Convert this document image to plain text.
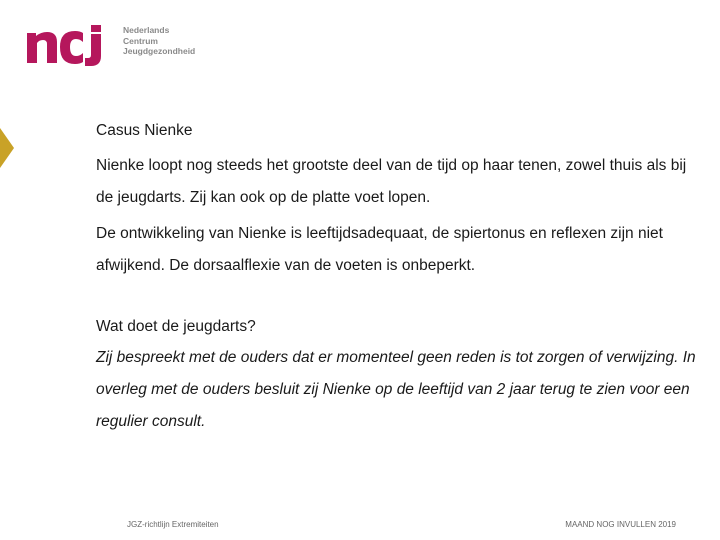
Nederlands
Centrum
Jeugdgezondheid
Casus Nienke

Nienke loopt nog steeds het grootste deel van de tijd op haar tenen, zowel thuis als bij de jeugdarts. Zij kan ook op de platte voet lopen.

De ontwikkeling van Nienke is leeftijdsadequaat, de spiertonus en reflexen zijn niet afwijkend. De dorsaalflexie van de voeten is onbeperkt.

Wat doet de jeugdarts?

Zij bespreekt met de ouders dat er momenteel geen reden is tot zorgen of verwijzing. In overleg met de ouders besluit zij Nienke op de leeftijd van 2 jaar terug te zien voor een regulier consult.

JGZ-richtlijn Extremiteiten	MAAND NOG INVULLEN 2019
